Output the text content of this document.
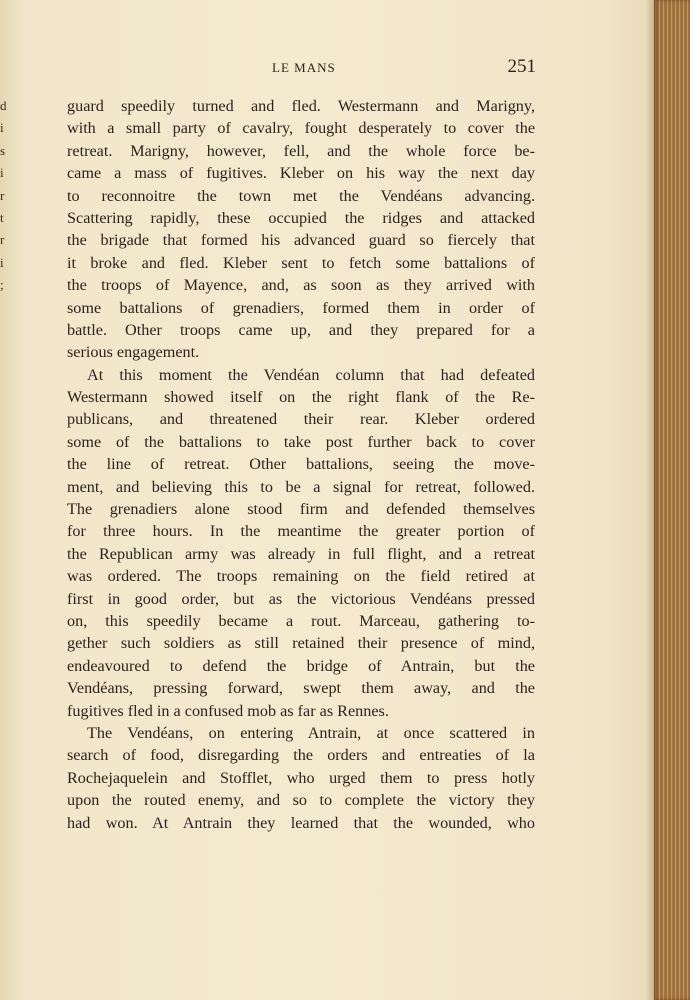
d
i
s
i
r
t
r
i
;
LE MANS	251
guard speedily turned and fled. Westermann and Marigny,
with a small party of cavalry, fought desperately to cover the
retreat. Marigny, however, fell, and the whole force be-
came a mass of fugitives. Kleber on his way the next day
to reconnoitre the town met the Vendéans advancing.
Scattering rapidly, these occupied the ridges and attacked
the brigade that formed his advanced guard so fiercely that
it broke and fled. Kleber sent to fetch some battalions of
the troops of Mayence, and, as soon as they arrived with
some battalions of grenadiers, formed them in order of
battle. Other troops came up, and they prepared for a
serious engagement.
At this moment the Vendéan column that had defeated
Westermann showed itself on the right flank of the Re-
publicans, and threatened their rear. Kleber ordered
some of the battalions to take post further back to cover
the line of retreat. Other battalions, seeing the move-
ment, and believing this to be a signal for retreat, followed.
The grenadiers alone stood firm and defended themselves
for three hours. In the meantime the greater portion of
the Republican army was already in full flight, and a retreat
was ordered. The troops remaining on the field retired at
first in good order, but as the victorious Vendéans pressed
on, this speedily became a rout. Marceau, gathering to-
gether such soldiers as still retained their presence of mind,
endeavoured to defend the bridge of Antrain, but the
Vendéans, pressing forward, swept them away, and the
fugitives fled in a confused mob as far as Rennes.
The Vendéans, on entering Antrain, at once scattered in
search of food, disregarding the orders and entreaties of la
Rochejaquelein and Stofflet, who urged them to press hotly
upon the routed enemy, and so to complete the victory they
had won. At Antrain they learned that the wounded, who
